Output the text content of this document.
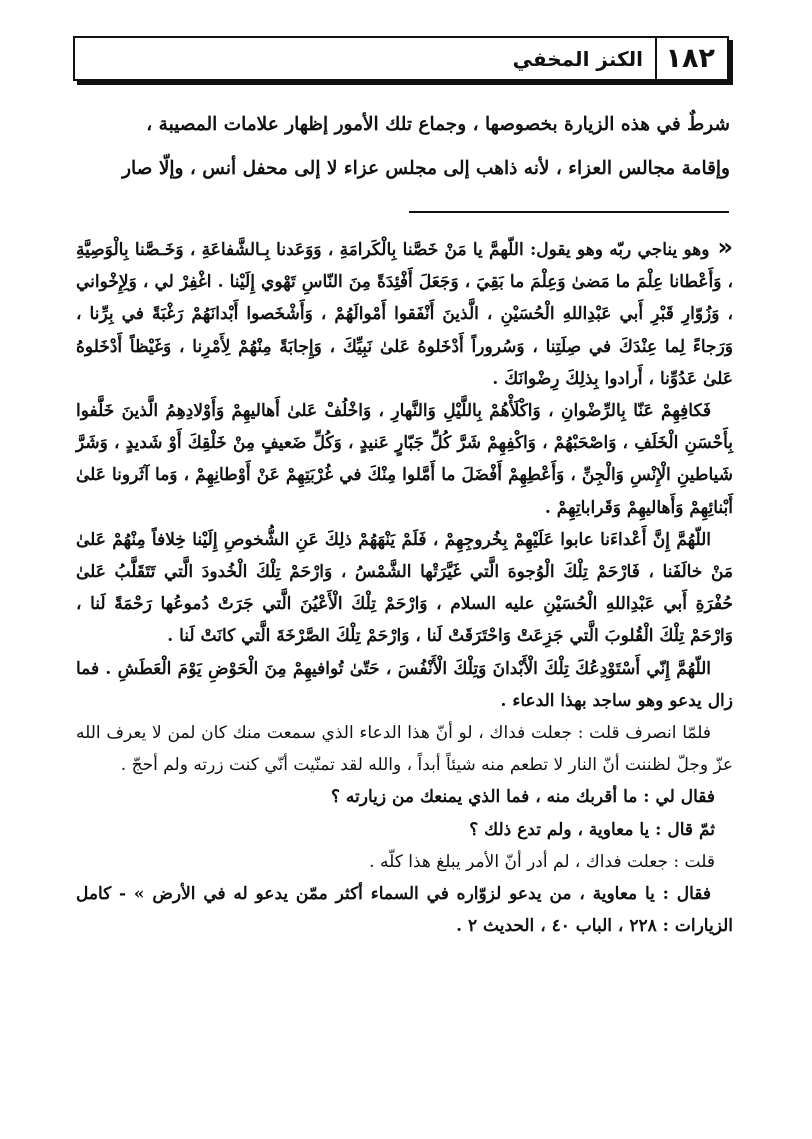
١٨٢
الكنز المخفي

شرطٌ في هذه الزيارة بخصوصها ، وجماع تلك الأمور إظهار علامات المصيبة ،

وإقامة مجالس العزاء ، لأنه ذاهب إلى مجلس عزاء لا إلى محفل أنس ، وإلّا صار

«وهو يناجي ربّه وهو يقول: اللّهمَّ يا مَنْ خَصَّنا بِالْكَرامَةِ ، وَوَعَدنا بِـالشَّفاعَةِ ، وَخَـصَّنا بِالْوَصِيَّةِ ، وَأَعْطانا عِلْمَ ما مَضىٰ وَعِلْمَ ما بَقِيَ ، وَجَعَلَ أَفْئِدَةً مِنَ النّاسِ تَهْوي إِلَيْنا . اغْفِرْ لي ، وَلِإِخْواني ، وَزُوّارِ قَبْرِ أَبي عَبْدِاللهِ الْحُسَيْنِ ، الَّذينَ أَنْفَقوا أَمْوالَهُمْ ، وَأَشْخَصوا أَبْدانَهُمْ رَغْبَةً في بِرِّنا ، وَرَجاءً لِما عِنْدَكَ في صِلَتِنا ، وَسُروراً أَدْخَلوهُ عَلىٰ نَبِيِّكَ ، وَإِجابَةً مِنْهُمْ لِأَمْرِنا ، وَغَيْظاً أَدْخَلوهُ عَلىٰ عَدُوِّنا ، أَرادوا بِذلِكَ رِضْوانَكَ .

فَكافِهِمْ عَنّا بِالرِّضْوانِ ، وَاكْلَأْهُمْ بِاللَّيْلِ وَالنَّهارِ ، وَاخْلُفْ عَلىٰ أَهاليهِمْ وَأَوْلادِهِمُ الَّذينَ خَلَّفوا بِأَحْسَنِ الْخَلَفِ ، وَاصْحَبْهُمْ ، وَاكْفِهِمْ شَرَّ كُلِّ جَبّارٍ عَنيدٍ ، وَكُلِّ ضَعيفٍ مِنْ خَلْقِكَ أَوْ شَديدٍ ، وَشَرَّ شَياطينِ الْإِنْسِ وَالْجِنِّ ، وَأَعْطِهِمْ أَفْضَلَ ما أَمَّلوا مِنْكَ في غُرْبَتِهِمْ عَنْ أَوْطانِهِمْ ، وَما آثَرونا عَلىٰ أَبْنائِهِمْ وَأَهاليهِمْ وَقَراباتِهِمْ .

اللّهُمَّ إِنَّ أَعْداءَنا عابوا عَلَيْهِمْ بِخُروجِهِمْ ، فَلَمْ يَنْهَهُمْ ذلِكَ عَنِ الشُّخوصِ إِلَيْنا خِلافاً مِنْهُمْ عَلىٰ مَنْ خالَفَنا ، فَارْحَمْ تِلْكَ الْوُجوهَ الَّتي غَيَّرَتْها الشَّمْسُ ، وَارْحَمْ تِلْكَ الْخُدودَ الَّتي تَتَقَلَّبُ عَلىٰ حُفْرَةِ أَبي عَبْدِاللهِ الْحُسَيْنِ عليه السلام ، وَارْحَمْ تِلْكَ الْأَعْيُنَ الَّتي جَرَتْ دُموعُها رَحْمَةً لَنا ، وَارْحَمْ تِلْكَ الْقُلوبَ الَّتي جَزِعَتْ وَاحْتَرَقَتْ لَنا ، وَارْحَمْ تِلْكَ الصَّرْخَةَ الَّتي كانَتْ لَنا .

اللّهُمَّ إِنّي أَسْتَوْدِعُكَ تِلْكَ الْأَبْدانَ وَتِلْكَ الْأَنْفُسَ ، حَتّىٰ تُوافيهِمْ مِنَ الْحَوْضِ يَوْمَ الْعَطَشِ . فما زال يدعو وهو ساجد بهذا الدعاء .

فلمّا انصرف قلت : جعلت فداك ، لو أنّ هذا الدعاء الذي سمعت منك كان لمن لا يعرف الله عزّ وجلّ لظننت أنّ النار لا تطعم منه شيئاً أبداً ، والله لقد تمنّيت أنّي كنت زرته ولم أحجّ .

فقال لي : ما أقربك منه ، فما الذي يمنعك من زيارته ؟

ثمّ قال : يا معاوية ، ولم تدع ذلك ؟

قلت : جعلت فداك ، لم أدر أنّ الأمر يبلغ هذا كلّه .

فقال : يا معاوية ، من يدعو لزوّاره في السماء أكثر ممّن يدعو له في الأرض » - كامل الزيارات : ٢٢٨ ، الباب ٤٠ ، الحديث ٢ .
